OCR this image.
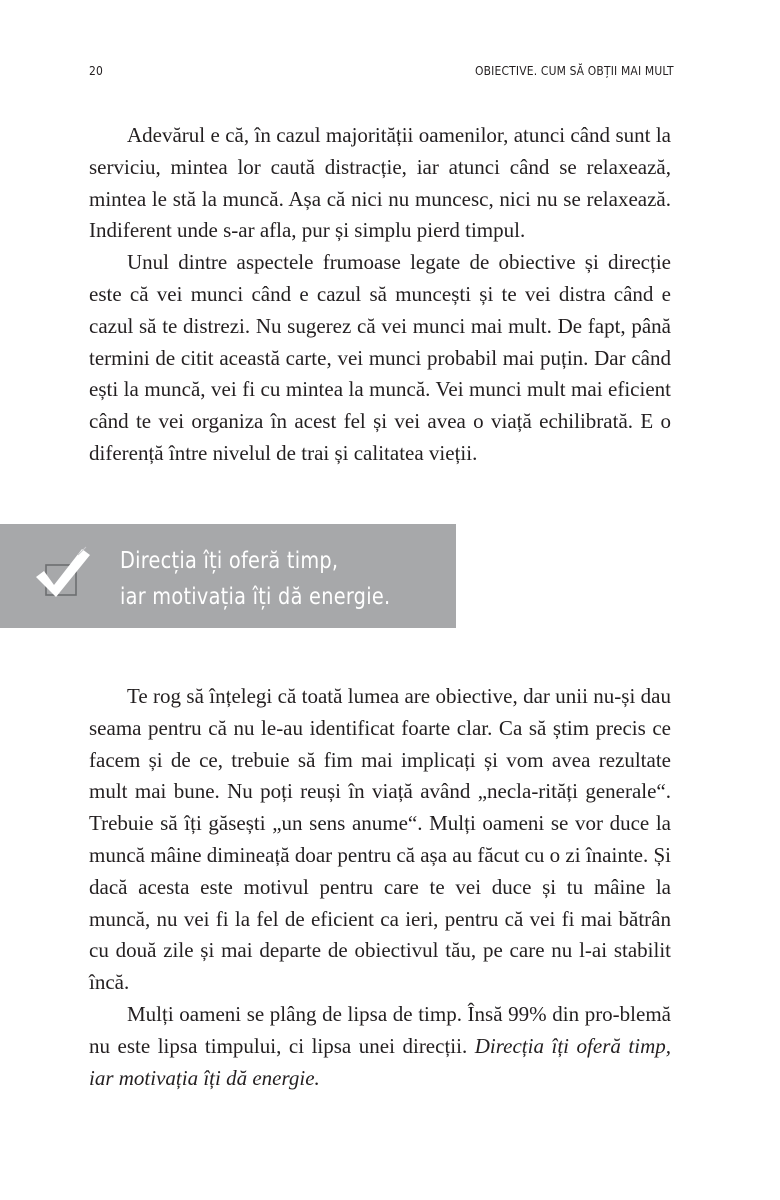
20	OBIECTIVE. CUM SĂ OBȚII MAI MULT

Adevărul e că, în cazul majorității oamenilor, atunci când sunt la serviciu, mintea lor caută distracție, iar atunci când se relaxează, mintea le stă la muncă. Așa că nici nu muncesc, nici nu se relaxează. Indiferent unde s-ar afla, pur și simplu pierd timpul.

Unul dintre aspectele frumoase legate de obiective și direcție este că vei munci când e cazul să muncești și te vei distra când e cazul să te distrezi. Nu sugerez că vei munci mai mult. De fapt, până termini de citit această carte, vei munci probabil mai puțin. Dar când ești la muncă, vei fi cu mintea la muncă. Vei munci mult mai eficient când te vei organiza în acest fel și vei avea o viață echilibrată. E o diferență între nivelul de trai și calitatea vieții.

Direcția îți oferă timp,
iar motivația îți dă energie.

Te rog să înțelegi că toată lumea are obiective, dar unii nu-și dau seama pentru că nu le-au identificat foarte clar. Ca să știm precis ce facem și de ce, trebuie să fim mai implicați și vom avea rezultate mult mai bune. Nu poți reuși în viață având „necla-rități generale“. Trebuie să îți găsești „un sens anume“. Mulți oameni se vor duce la muncă mâine dimineață doar pentru că așa au făcut cu o zi înainte. Și dacă acesta este motivul pentru care te vei duce și tu mâine la muncă, nu vei fi la fel de eficient ca ieri, pentru că vei fi mai bătrân cu două zile și mai departe de obiectivul tău, pe care nu l-ai stabilit încă.

Mulți oameni se plâng de lipsa de timp. Însă 99% din pro-blemă nu este lipsa timpului, ci lipsa unei direcții. Direcția îți oferă timp, iar motivația îți dă energie.
